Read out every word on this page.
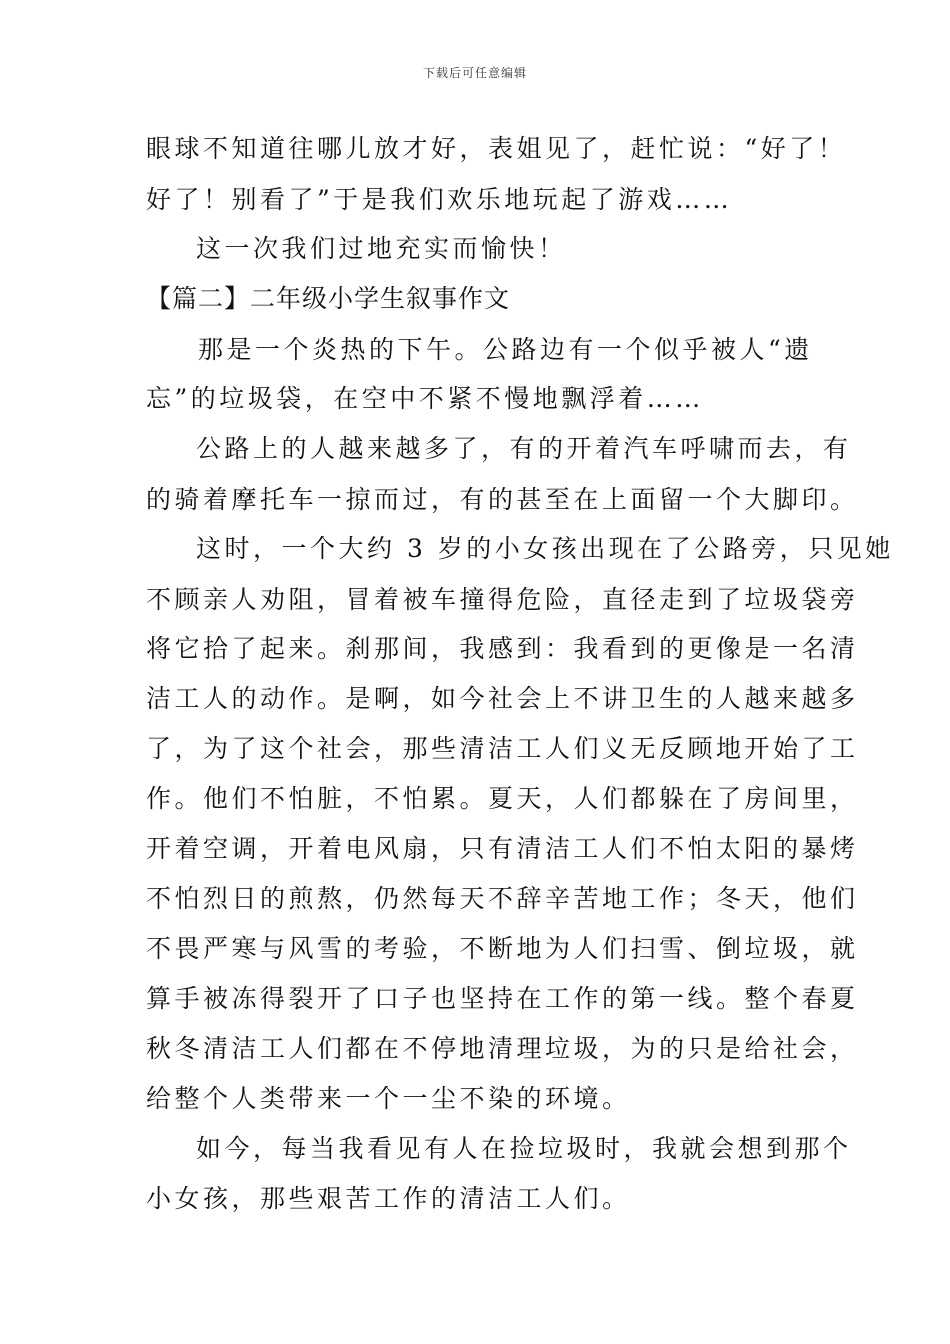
下载后可任意编辑
眼球不知道往哪儿放才好，表姐见了，赶忙说：“好了！
好了！别看了”于是我们欢乐地玩起了游戏……
这一次我们过地充实而愉快！
【篇二】二年级小学生叙事作文
那是一个炎热的下午。公路边有一个似乎被人“遗
忘”的垃圾袋，在空中不紧不慢地飘浮着……
公路上的人越来越多了，有的开着汽车呼啸而去，有
的骑着摩托车一掠而过，有的甚至在上面留一个大脚印。
这时，一个大约 3 岁的小女孩出现在了公路旁，只见她
不顾亲人劝阻，冒着被车撞得危险，直径走到了垃圾袋旁
将它拾了起来。刹那间，我感到：我看到的更像是一名清
洁工人的动作。是啊，如今社会上不讲卫生的人越来越多
了，为了这个社会，那些清洁工人们义无反顾地开始了工
作。他们不怕脏，不怕累。夏天，人们都躲在了房间里，
开着空调，开着电风扇，只有清洁工人们不怕太阳的暴烤
不怕烈日的煎熬，仍然每天不辞辛苦地工作；冬天，他们
不畏严寒与风雪的考验，不断地为人们扫雪、倒垃圾，就
算手被冻得裂开了口子也坚持在工作的第一线。整个春夏
秋冬清洁工人们都在不停地清理垃圾，为的只是给社会，
给整个人类带来一个一尘不染的环境。
如今，每当我看见有人在捡垃圾时，我就会想到那个
小女孩，那些艰苦工作的清洁工人们。
